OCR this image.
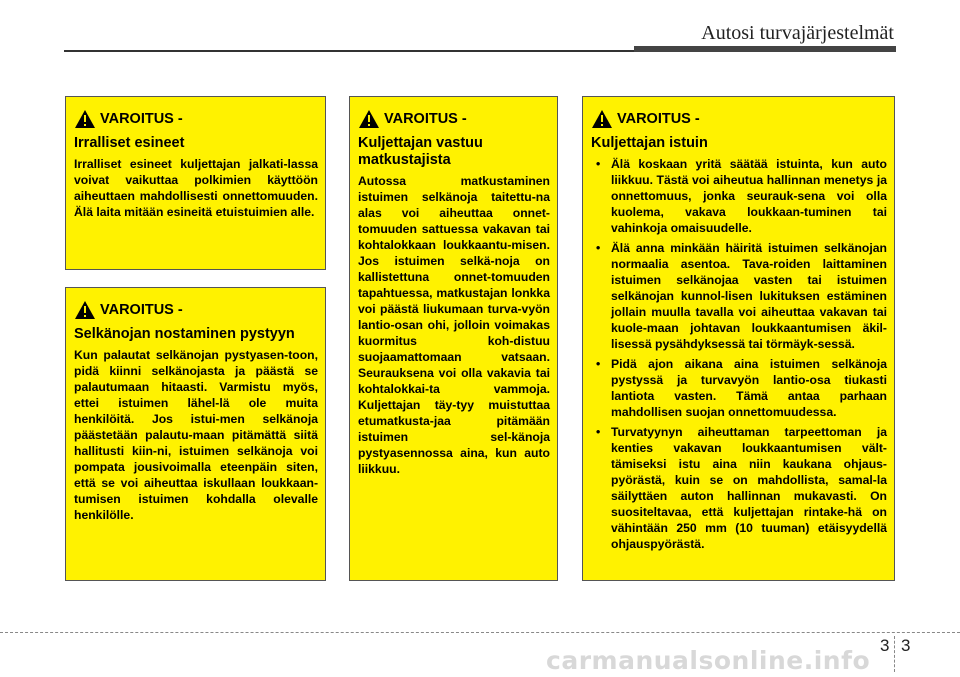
Autosi turvajärjestelmät
VAROITUS -
Irralliset esineet

Irralliset esineet kuljettajan jalkati-lassa voivat vaikuttaa polkimien käyttöön aiheuttaen mahdollisesti onnettomuuden. Älä laita mitään esineitä etuistuimien alle.

VAROITUS -
Selkänojan nostaminen pystyyn

Kun palautat selkänojan pystyasen-toon, pidä kiinni selkänojasta ja päästä se palautumaan hitaasti. Varmistu myös, ettei istuimen lähel-lä ole muita henkilöitä. Jos istui-men selkänoja päästetään palautu-maan pitämättä siitä hallitusti kiin-ni, istuimen selkänoja voi pompata jousivoimalla eteenpäin siten, että se voi aiheuttaa iskullaan loukkaan-tumisen istuimen kohdalla olevalle henkilölle.

VAROITUS -
Kuljettajan vastuu matkustajista

Autossa matkustaminen istuimen selkänoja taitettu-na alas voi aiheuttaa onnet-tomuuden sattuessa vakavan tai kohtalokkaan loukkaantu-misen. Jos istuimen selkä-noja on kallistettuna onnet-tomuuden tapahtuessa, matkustajan lonkka voi päästä liukumaan turva-vyön lantio-osan ohi, jolloin voimakas kuormitus koh-distuu suojaamattomaan vatsaan. Seurauksena voi olla vakavia tai kohtalokkai-ta vammoja. Kuljettajan täy-tyy muistuttaa etumatkusta-jaa pitämään istuimen sel-känoja pystyasennossa aina, kun auto liikkuu.

VAROITUS -
Kuljettajan istuin
• Älä koskaan yritä säätää istuinta, kun auto liikkuu. Tästä voi aiheutua hallinnan menetys ja onnettomuus, jonka seurauk-sena voi olla kuolema, vakava loukkaan-tuminen tai vahinkoja omaisuudelle.
• Älä anna minkään häiritä istuimen selkänojan normaalia asentoa. Tava-roiden laittaminen istuimen selkänojaa vasten tai istuimen selkänojan kunnol-lisen lukituksen estäminen jollain muulla tavalla voi aiheuttaa vakavan tai kuole-maan johtavan loukkaantumisen äkil-lisessä pysähdyksessä tai törmäyk-sessä.
• Pidä ajon aikana aina istuimen selkänoja pystyssä ja turvavyön lantio-osa tiukasti lantiota vasten. Tämä antaa parhaan mahdollisen suojan onnettomuudessa.
• Turvatyynyn aiheuttaman tarpeettoman ja kenties vakavan loukkaantumisen vält-tämiseksi istu aina niin kaukana ohjaus-pyörästä, kuin se on mahdollista, samal-la säilyttäen auton hallinnan mukavasti. On suositeltavaa, että kuljettajan rintake-hä on vähintään 250 mm (10 tuuman) etäisyydellä ohjauspyörästä.
3 3
carmanualsonline.info
